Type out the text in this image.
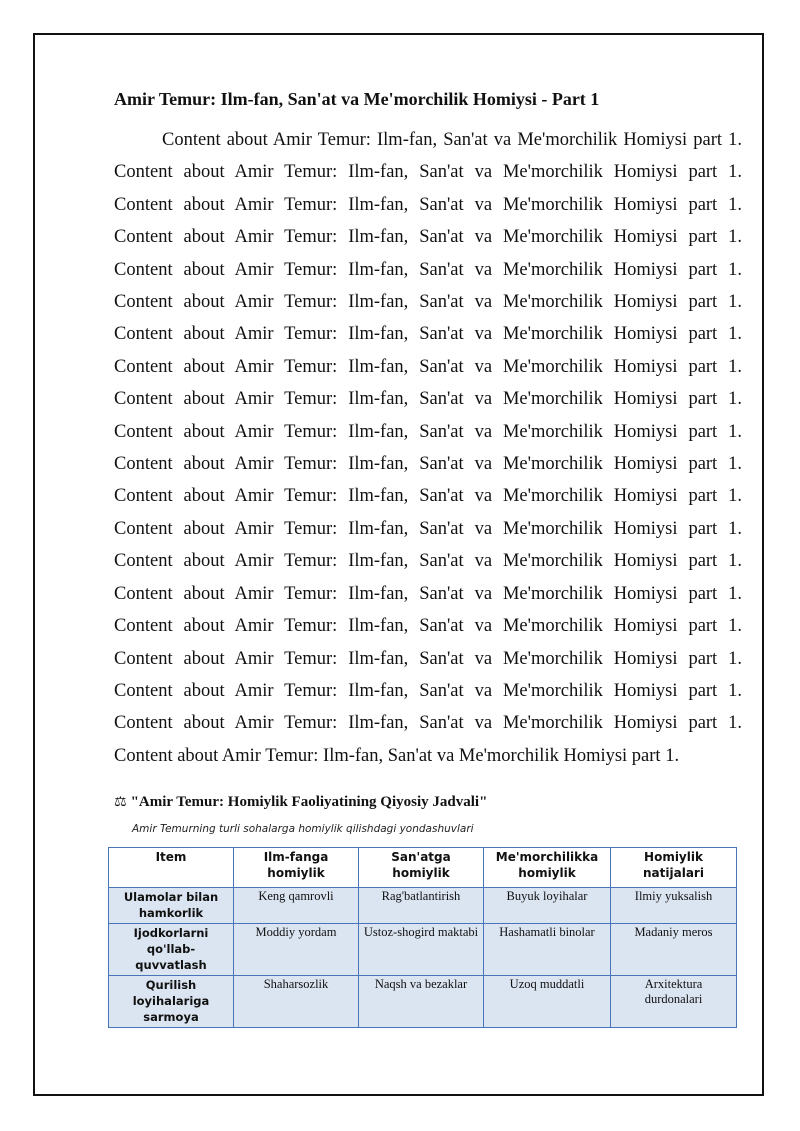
Amir Temur: Ilm-fan, San'at va Me'morchilik Homiysi - Part 1

Content about Amir Temur: Ilm-fan, San'at va Me'morchilik Homiysi part 1. Content about Amir Temur: Ilm-fan, San'at va Me'morchilik Homiysi part 1. Content about Amir Temur: Ilm-fan, San'at va Me'morchilik Homiysi part 1. Content about Amir Temur: Ilm-fan, San'at va Me'morchilik Homiysi part 1. Content about Amir Temur: Ilm-fan, San'at va Me'morchilik Homiysi part 1. Content about Amir Temur: Ilm-fan, San'at va Me'morchilik Homiysi part 1. Content about Amir Temur: Ilm-fan, San'at va Me'morchilik Homiysi part 1. Content about Amir Temur: Ilm-fan, San'at va Me'morchilik Homiysi part 1. Content about Amir Temur: Ilm-fan, San'at va Me'morchilik Homiysi part 1. Content about Amir Temur: Ilm-fan, San'at va Me'morchilik Homiysi part 1. Content about Amir Temur: Ilm-fan, San'at va Me'morchilik Homiysi part 1. Content about Amir Temur: Ilm-fan, San'at va Me'morchilik Homiysi part 1. Content about Amir Temur: Ilm-fan, San'at va Me'morchilik Homiysi part 1. Content about Amir Temur: Ilm-fan, San'at va Me'morchilik Homiysi part 1. Content about Amir Temur: Ilm-fan, San'at va Me'morchilik Homiysi part 1. Content about Amir Temur: Ilm-fan, San'at va Me'morchilik Homiysi part 1. Content about Amir Temur: Ilm-fan, San'at va Me'morchilik Homiysi part 1. Content about Amir Temur: Ilm-fan, San'at va Me'morchilik Homiysi part 1. Content about Amir Temur: Ilm-fan, San'at va Me'morchilik Homiysi part 1. Content about Amir Temur: Ilm-fan, San'at va Me'morchilik Homiysi part 1.

⚖ "Amir Temur: Homiylik Faoliyatining Qiyosiy Jadvali"
Amir Temurning turli sohalarga homiylik qilishdagi yondashuvlari
Item	Ilm-fanga homiylik	San'atga homiylik	Me'morchilikka homiylik	Homiylik natijalari
Ulamolar bilan hamkorlik	Keng qamrovli	Rag'batlantirish	Buyuk loyihalar	Ilmiy yuksalish
Ijodkorlarni qo'llab-quvvatlash	Moddiy yordam	Ustoz-shogird maktabi	Hashamatli binolar	Madaniy meros
Qurilish loyihalariga sarmoya	Shaharsozlik	Naqsh va bezaklar	Uzoq muddatli	Arxitektura durdonalari
